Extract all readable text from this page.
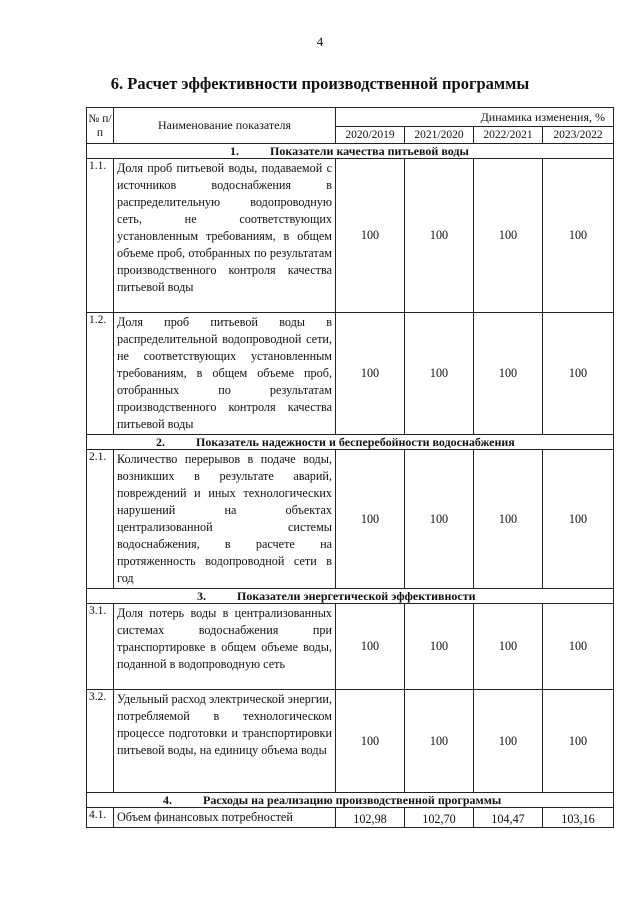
4
6. Расчет эффективности производственной программы
№ п/п	Наименование показателя	Динамика изменения, %			
		2020/2019	2021/2020	2022/2021	2023/2022
1. Показатели качества питьевой воды					
1.1.	Доля проб питьевой воды, подаваемой с источников водоснабжения в распределительную водопроводную сеть, не соответствующих установленным требованиям, в общем объеме проб, отобранных по результатам производственного контроля качества питьевой воды	100	100	100	100
1.2.	Доля проб питьевой воды в распределительной водопроводной сети, не соответствующих установленным требованиям, в общем объеме проб, отобранных по результатам производственного контроля качества питьевой воды	100	100	100	100
2. Показатель надежности и бесперебойности водоснабжения					
2.1.	Количество перерывов в подаче воды, возникших в результате аварий, повреждений и иных технологических нарушений на объектах централизованной системы водоснабжения, в расчете на протяженность водопроводной сети в год	100	100	100	100
3. Показатели энергетической эффективности					
3.1.	Доля потерь воды в централизованных системах водоснабжения при транспортировке в общем объеме воды, поданной в водопроводную сеть	100	100	100	100
3.2.	Удельный расход электрической энергии, потребляемой в технологическом процессе подготовки и транспортировки питьевой воды, на единицу объема воды	100	100	100	100
4. Расходы на реализацию производственной программы					
4.1.	Объем финансовых потребностей	102,98	102,70	104,47	103,16
